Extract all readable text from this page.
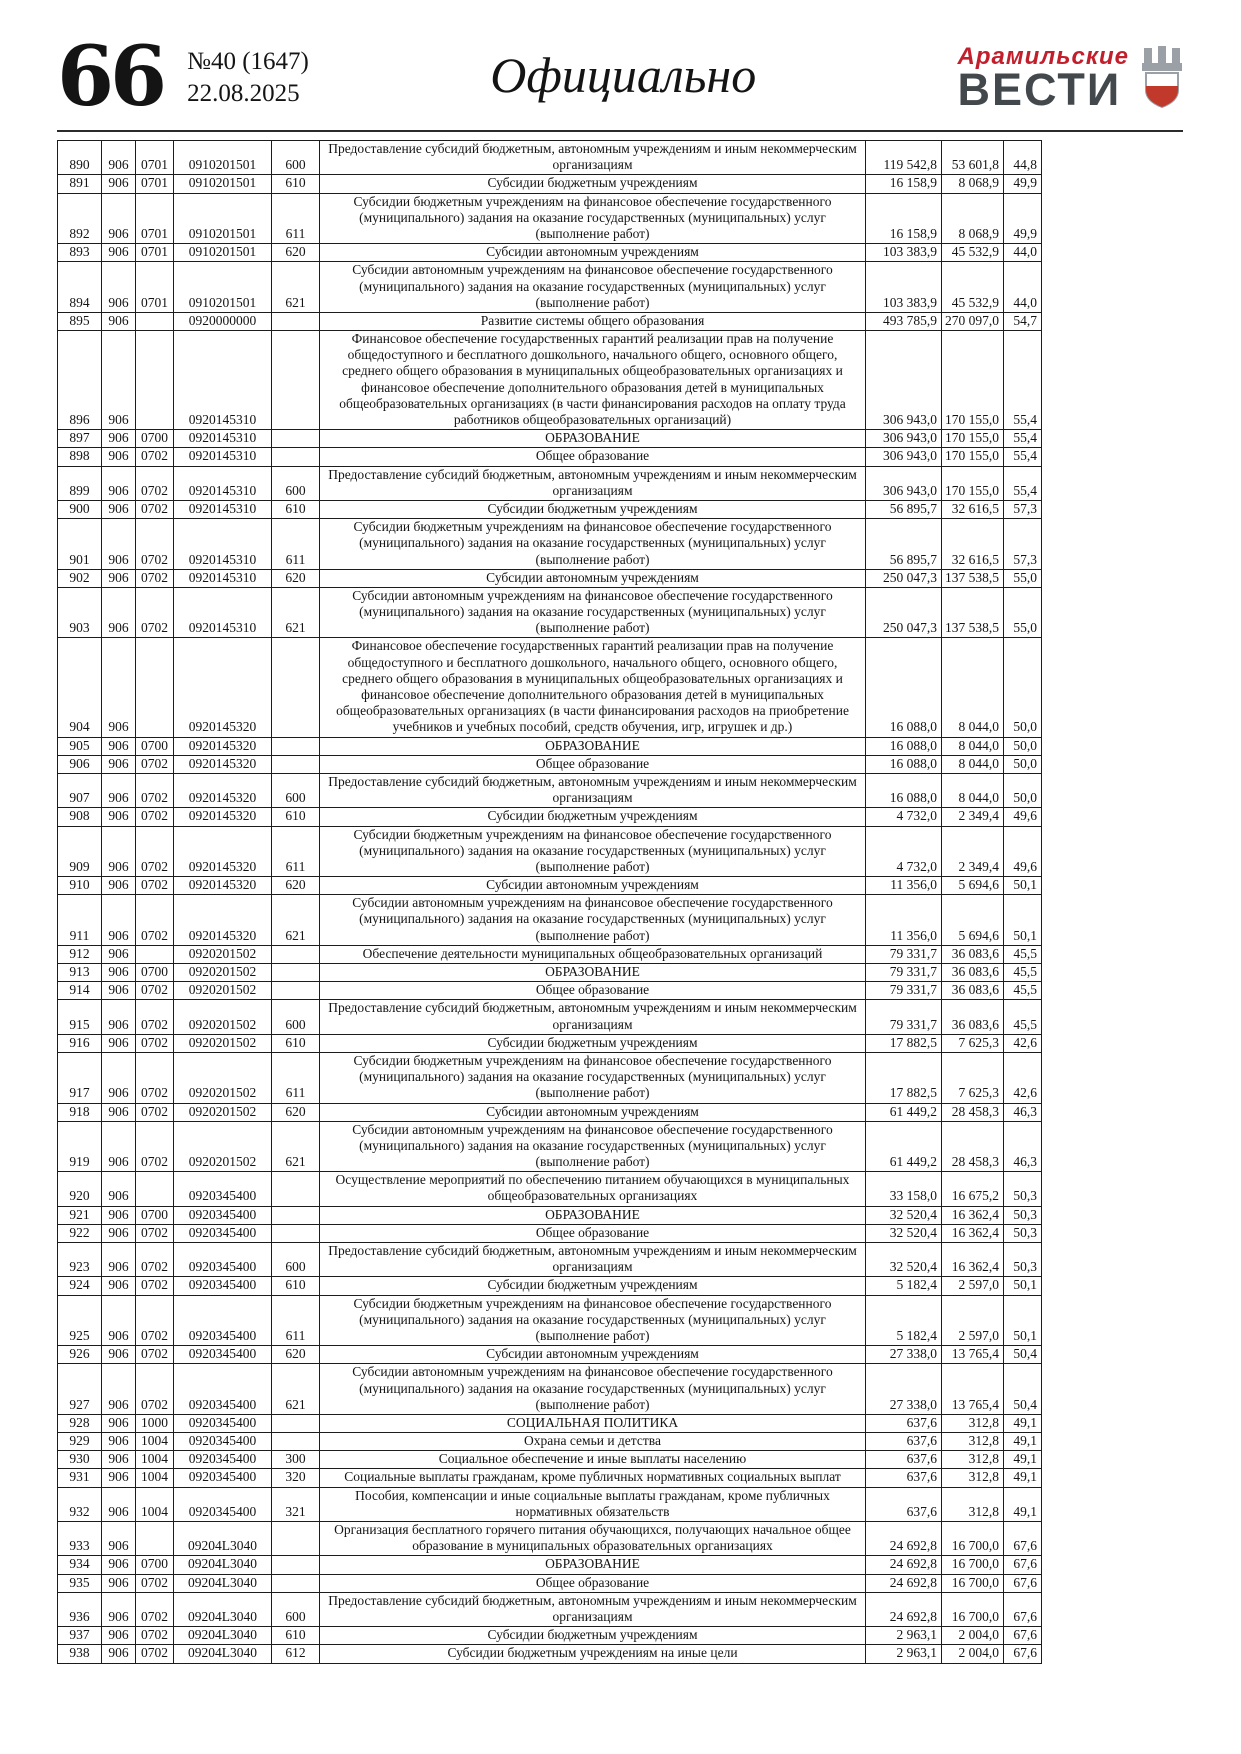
66 №40 (1647)
22.08.2025	Официально	Арамильские
ВЕСТИ
890	906	0701	0910201501	600	Предоставление субсидий бюджетным, автономным учреждениям и иным некоммерческим организациям	119 542,8	53 601,8	44,8
891	906	0701	0910201501	610	Субсидии бюджетным учреждениям	16 158,9	8 068,9	49,9
892	906	0701	0910201501	611	Субсидии бюджетным учреждениям на финансовое обеспечение государственного (муниципального) задания на оказание государственных (муниципальных) услуг (выполнение работ)	16 158,9	8 068,9	49,9
893	906	0701	0910201501	620	Субсидии автономным учреждениям	103 383,9	45 532,9	44,0
894	906	0701	0910201501	621	Субсидии автономным учреждениям на финансовое обеспечение государственного (муниципального) задания на оказание государственных (муниципальных) услуг (выполнение работ)	103 383,9	45 532,9	44,0
895	906		0920000000		Развитие системы общего образования	493 785,9	270 097,0	54,7
896	906		0920145310		Финансовое обеспечение государственных гарантий реализации прав на получение общедоступного и бесплатного дошкольного, начального общего, основного общего, среднего общего образования в муниципальных общеобразовательных организациях и финансовое обеспечение дополнительного образования детей в муниципальных общеобразовательных организациях (в части финансирования расходов на оплату труда работников общеобразовательных организаций)	306 943,0	170 155,0	55,4
897	906	0700	0920145310		ОБРАЗОВАНИЕ	306 943,0	170 155,0	55,4
898	906	0702	0920145310		Общее образование	306 943,0	170 155,0	55,4
899	906	0702	0920145310	600	Предоставление субсидий бюджетным, автономным учреждениям и иным некоммерческим организациям	306 943,0	170 155,0	55,4
900	906	0702	0920145310	610	Субсидии бюджетным учреждениям	56 895,7	32 616,5	57,3
901	906	0702	0920145310	611	Субсидии бюджетным учреждениям на финансовое обеспечение государственного (муниципального) задания на оказание государственных (муниципальных) услуг (выполнение работ)	56 895,7	32 616,5	57,3
902	906	0702	0920145310	620	Субсидии автономным учреждениям	250 047,3	137 538,5	55,0
903	906	0702	0920145310	621	Субсидии автономным учреждениям на финансовое обеспечение государственного (муниципального) задания на оказание государственных (муниципальных) услуг (выполнение работ)	250 047,3	137 538,5	55,0
904	906		0920145320		Финансовое обеспечение государственных гарантий реализации прав на получение общедоступного и бесплатного дошкольного, начального общего, основного общего, среднего общего образования в муниципальных общеобразовательных организациях и финансовое обеспечение дополнительного образования детей в муниципальных общеобразовательных организациях (в части финансирования расходов на приобретение учебников и учебных пособий, средств обучения, игр, игрушек и др.)	16 088,0	8 044,0	50,0
905	906	0700	0920145320		ОБРАЗОВАНИЕ	16 088,0	8 044,0	50,0
906	906	0702	0920145320		Общее образование	16 088,0	8 044,0	50,0
907	906	0702	0920145320	600	Предоставление субсидий бюджетным, автономным учреждениям и иным некоммерческим организациям	16 088,0	8 044,0	50,0
908	906	0702	0920145320	610	Субсидии бюджетным учреждениям	4 732,0	2 349,4	49,6
909	906	0702	0920145320	611	Субсидии бюджетным учреждениям на финансовое обеспечение государственного (муниципального) задания на оказание государственных (муниципальных) услуг (выполнение работ)	4 732,0	2 349,4	49,6
910	906	0702	0920145320	620	Субсидии автономным учреждениям	11 356,0	5 694,6	50,1
911	906	0702	0920145320	621	Субсидии автономным учреждениям на финансовое обеспечение государственного (муниципального) задания на оказание государственных (муниципальных) услуг (выполнение работ)	11 356,0	5 694,6	50,1
912	906		0920201502		Обеспечение деятельности муниципальных общеобразовательных организаций	79 331,7	36 083,6	45,5
913	906	0700	0920201502		ОБРАЗОВАНИЕ	79 331,7	36 083,6	45,5
914	906	0702	0920201502		Общее образование	79 331,7	36 083,6	45,5
915	906	0702	0920201502	600	Предоставление субсидий бюджетным, автономным учреждениям и иным некоммерческим организациям	79 331,7	36 083,6	45,5
916	906	0702	0920201502	610	Субсидии бюджетным учреждениям	17 882,5	7 625,3	42,6
917	906	0702	0920201502	611	Субсидии бюджетным учреждениям на финансовое обеспечение государственного (муниципального) задания на оказание государственных (муниципальных) услуг (выполнение работ)	17 882,5	7 625,3	42,6
918	906	0702	0920201502	620	Субсидии автономным учреждениям	61 449,2	28 458,3	46,3
919	906	0702	0920201502	621	Субсидии автономным учреждениям на финансовое обеспечение государственного (муниципального) задания на оказание государственных (муниципальных) услуг (выполнение работ)	61 449,2	28 458,3	46,3
920	906		0920345400		Осуществление мероприятий по обеспечению питанием обучающихся в муниципальных общеобразовательных организациях	33 158,0	16 675,2	50,3
921	906	0700	0920345400		ОБРАЗОВАНИЕ	32 520,4	16 362,4	50,3
922	906	0702	0920345400		Общее образование	32 520,4	16 362,4	50,3
923	906	0702	0920345400	600	Предоставление субсидий бюджетным, автономным учреждениям и иным некоммерческим организациям	32 520,4	16 362,4	50,3
924	906	0702	0920345400	610	Субсидии бюджетным учреждениям	5 182,4	2 597,0	50,1
925	906	0702	0920345400	611	Субсидии бюджетным учреждениям на финансовое обеспечение государственного (муниципального) задания на оказание государственных (муниципальных) услуг (выполнение работ)	5 182,4	2 597,0	50,1
926	906	0702	0920345400	620	Субсидии автономным учреждениям	27 338,0	13 765,4	50,4
927	906	0702	0920345400	621	Субсидии автономным учреждениям на финансовое обеспечение государственного (муниципального) задания на оказание государственных (муниципальных) услуг (выполнение работ)	27 338,0	13 765,4	50,4
928	906	1000	0920345400		СОЦИАЛЬНАЯ ПОЛИТИКА	637,6	312,8	49,1
929	906	1004	0920345400		Охрана семьи и детства	637,6	312,8	49,1
930	906	1004	0920345400	300	Социальное обеспечение и иные выплаты населению	637,6	312,8	49,1
931	906	1004	0920345400	320	Социальные выплаты гражданам, кроме публичных нормативных социальных выплат	637,6	312,8	49,1
932	906	1004	0920345400	321	Пособия, компенсации и иные социальные выплаты гражданам, кроме публичных нормативных обязательств	637,6	312,8	49,1
933	906		09204L3040		Организация бесплатного горячего питания обучающихся, получающих начальное общее образование в муниципальных образовательных организациях	24 692,8	16 700,0	67,6
934	906	0700	09204L3040		ОБРАЗОВАНИЕ	24 692,8	16 700,0	67,6
935	906	0702	09204L3040		Общее образование	24 692,8	16 700,0	67,6
936	906	0702	09204L3040	600	Предоставление субсидий бюджетным, автономным учреждениям и иным некоммерческим организациям	24 692,8	16 700,0	67,6
937	906	0702	09204L3040	610	Субсидии бюджетным учреждениям	2 963,1	2 004,0	67,6
938	906	0702	09204L3040	612	Субсидии бюджетным учреждениям на иные цели	2 963,1	2 004,0	67,6
